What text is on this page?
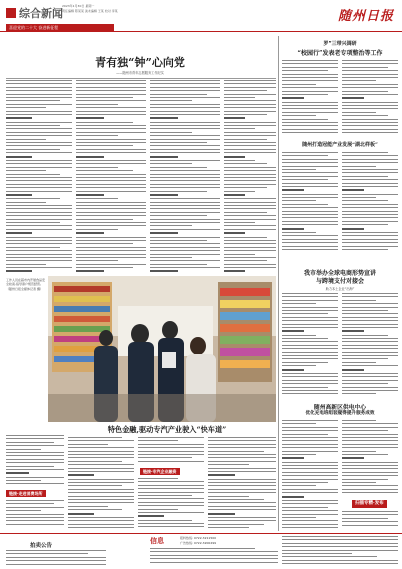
综合新闻
2023年1月30日 星期一
责任编辑 陈某某 美术编辑 王某 校对 李某	随州日报
喜迎党的二十大 奋进新征程
青有独“钟”心向党
——随州市青年志愿服务工作纪实
工作人员在超市内开展食品安全检查,指导商户规范经营。（随州日报全媒体记者 摄）
链接·走进消费场所
特色金融,驱动专汽产业驶入“快车道”
链接·专汽企业融资
罗”三带兴调研
“校园行”发表老专项整治等工作
随州打造冠能产业发展“湖北样板”
我市举办全球电商形势宣讲
与跨境支付对接会
助力本土企业“出海”
随州高新区供电中心
优化充电班组装窥得提升服务成效
扫描专精·发布
拍卖公告
信息	报料热线: 0722-3211500
广告热线: 0722-3200299
